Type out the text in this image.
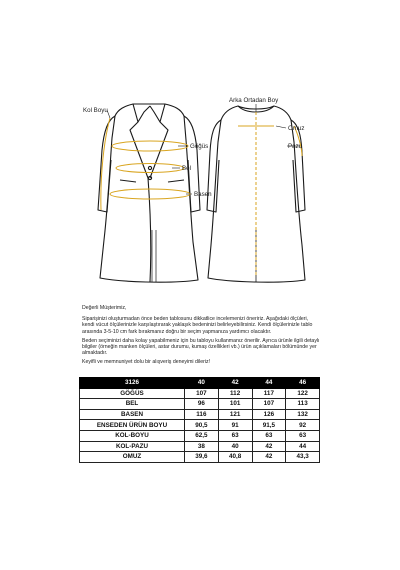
Kol Boyu
Göğüs
Bel
Basen
Arka Ortadan Boy
Omuz
Pazu

Değerli Müşterimiz,

Siparişinizi oluşturmadan önce beden tablosunu dikkatlice incelemenizi öneririz. Aşağıdaki ölçüleri, kendi vücut ölçülerinizle karşılaştırarak yaklaşık bedeninizi belirleyebilirsiniz. Kendi ölçülerinizle tablo arasında 3-5-10 cm fark bırakmanız doğru bir seçim yapmanıza yardımcı olacaktır.

Beden seçiminizi daha kolay yapabilmeniz için bu tabloyu kullanmanız önerilir. Ayrıca ürünle ilgili detaylı bilgiler (örneğin manken ölçüleri, astar durumu, kumaş özellikleri vb.) ürün açıklamaları bölümünde yer almaktadır.

Keyifli ve memnuniyet dolu bir alışveriş deneyimi dileriz!

3126	40	42	44	46
GÖĞÜS	107	112	117	122
BEL	96	101	107	113
BASEN	116	121	126	132
ENSEDEN ÜRÜN BOYU	90,5	91	91,5	92
KOL-BOYU	62,5	63	63	63
KOL-PAZU	38	40	42	44
OMUZ	39,6	40,8	42	43,3
